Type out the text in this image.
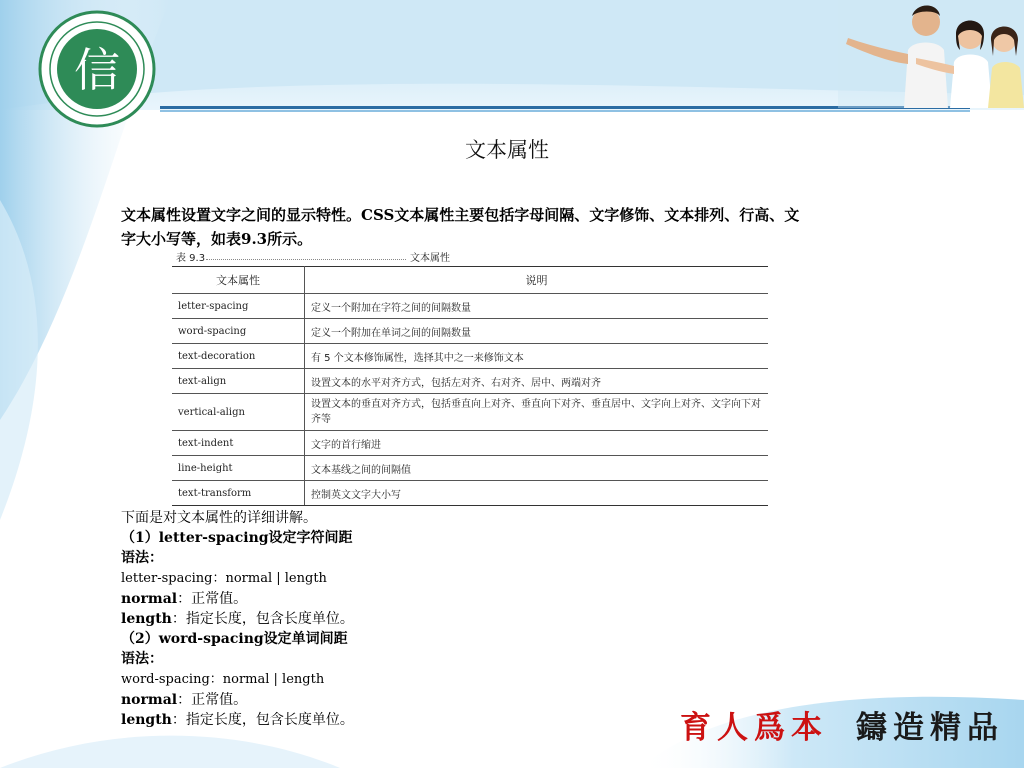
信
文本属性
文本属性设置文字之间的显示特性。CSS文本属性主要包括字母间隔、文字修饰、文本排列、行高、文字大小写等，如表9.3所示。
表 9.3	文本属性
文本属性	说明
letter-spacing	定义一个附加在字符之间的间隔数量
word-spacing	定义一个附加在单词之间的间隔数量
text-decoration	有 5 个文本修饰属性，选择其中之一来修饰文本
text-align	设置文本的水平对齐方式，包括左对齐、右对齐、居中、两端对齐
vertical-align	设置文本的垂直对齐方式，包括垂直向上对齐、垂直向下对齐、垂直居中、文字向上对齐、文字向下对齐等
text-indent	文字的首行缩进
line-height	文本基线之间的间隔值
text-transform	控制英文文字大小写
下面是对文本属性的详细讲解。
（1）letter-spacing设定字符间距
语法：
letter-spacing：normal | length
normal：正常值。
length：指定长度，包含长度单位。
（2）word-spacing设定单词间距
语法：
word-spacing：normal | length
normal：正常值。
length：指定长度，包含长度单位。	育人爲本 鑄造精品
